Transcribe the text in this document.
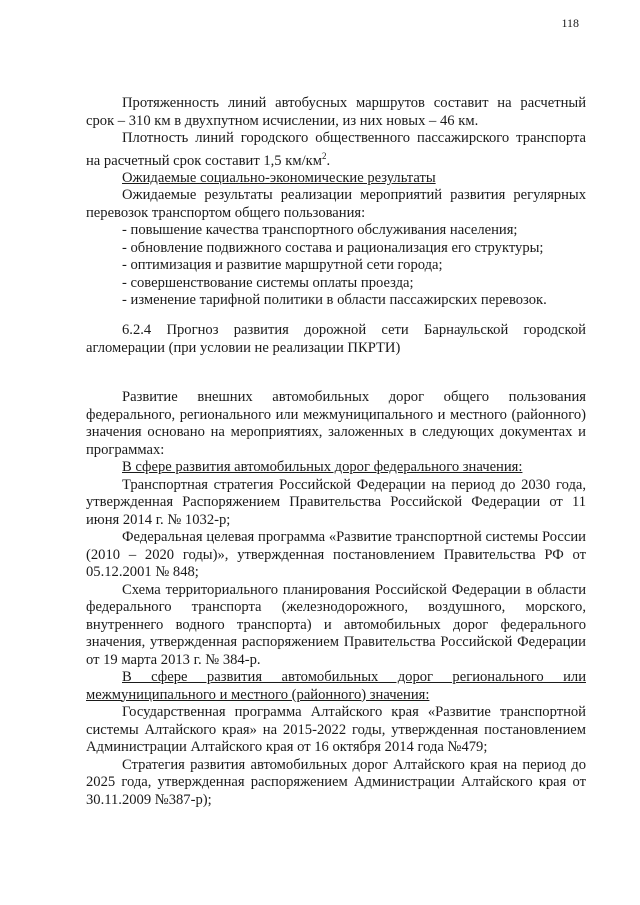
118

Протяженность линий автобусных маршрутов составит на расчетный срок – 310 км в двухпутном исчислении, из них новых – 46 км.

Плотность линий городского общественного пассажирского транспорта на расчетный срок составит 1,5 $км/км^2$.

Ожидаемые социально-экономические результаты

Ожидаемые результаты реализации мероприятий развития регулярных перевозок транспортом общего пользования:

- повышение качества транспортного обслуживания населения;
- обновление подвижного состава и рационализация его структуры;
- оптимизация и развитие маршрутной сети города;
- совершенствование системы оплаты проезда;
- изменение тарифной политики в области пассажирских перевозок.

6.2.4 Прогноз развития дорожной сети Барнаульской городской агломерации (при условии не реализации ПКРТИ)

Развитие внешних автомобильных дорог общего пользования федерального, регионального или межмуниципального и местного (районного) значения основано на мероприятиях, заложенных в следующих документах и программах:

В сфере развития автомобильных дорог федерального значения:

Транспортная стратегия Российской Федерации на период до 2030 года, утвержденная Распоряжением Правительства Российской Федерации от 11 июня 2014 г. № 1032-р;

Федеральная целевая программа «Развитие транспортной системы России (2010 – 2020 годы)», утвержденная постановлением Правительства РФ от 05.12.2001 № 848;

Схема территориального планирования Российской Федерации в области федерального транспорта (железнодорожного, воздушного, морского, внутреннего водного транспорта) и автомобильных дорог федерального значения, утвержденная распоряжением Правительства Российской Федерации от 19 марта 2013 г. № 384-р.

В сфере развития автомобильных дорог регионального или межмуниципального и местного (районного) значения:

Государственная программа Алтайского края «Развитие транспортной системы Алтайского края» на 2015-2022 годы, утвержденная постановлением Администрации Алтайского края от 16 октября 2014 года №479;

Стратегия развития автомобильных дорог Алтайского края на период до 2025 года, утвержденная распоряжением Администрации Алтайского края от 30.11.2009 №387-р);
